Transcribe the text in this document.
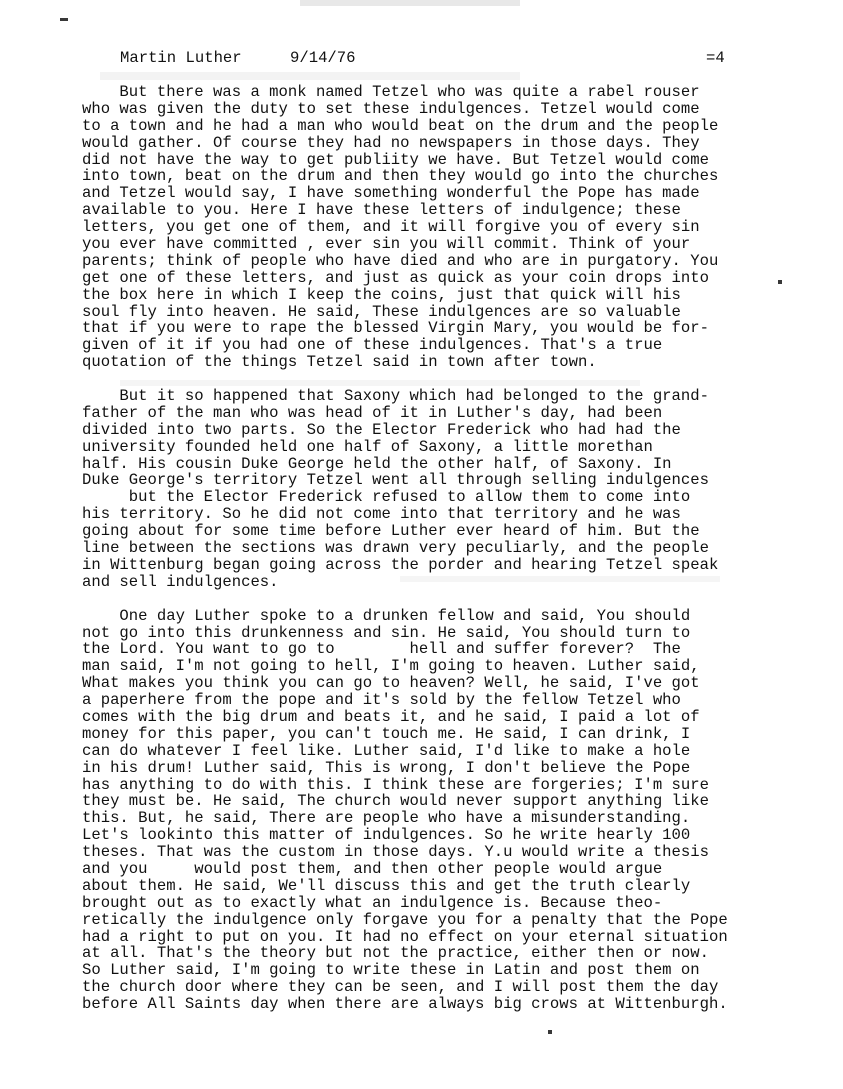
Martin Luther	9/14/76	=4
But there was a monk named Tetzel who was quite a rabel rouser
who was given the duty to set these indulgences. Tetzel would come
to a town and he had a man who would beat on the drum and the people
would gather. Of course they had no newspapers in those days. They
did not have the way to get publiity we have. But Tetzel would come
into town, beat on the drum and then they would go into the churches
and Tetzel would say, I have something wonderful the Pope has made
available to you. Here I have these letters of indulgence; these
letters, you get one of them, and it will forgive you of every sin
you ever have committed , ever sin you will commit. Think of your
parents; think of people who have died and who are in purgatory. You
get one of these letters, and just as quick as your coin drops into
the box here in which I keep the coins, just that quick will his
soul fly into heaven. He said, These indulgences are so valuable
that if you were to rape the blessed Virgin Mary, you would be for-
given of it if you had one of these indulgences. That's a true
quotation of the things Tetzel said in town after town.
But it so happened that Saxony which had belonged to the grand-
father of the man who was head of it in Luther's day, had been
divided into two parts. So the Elector Frederick who had had the
university founded held one half of Saxony, a little morethan
half. His cousin Duke George held the other half, of Saxony. In
Duke George's territory Tetzel went all through selling indulgences
but the Elector Frederick refused to allow them to come into
his territory. So he did not come into that territory and he was
going about for some time before Luther ever heard of him. But the
line between the sections was drawn very peculiarly, and the people
in Wittenburg began going across the porder and hearing Tetzel speak
and sell indulgences.
One day Luther spoke to a drunken fellow and said, You should
not go into this drunkenness and sin. He said, You should turn to
the Lord. You want to go to        hell and suffer forever?  The
man said, I'm not going to hell, I'm going to heaven. Luther said,
What makes you think you can go to heaven? Well, he said, I've got
a paperhere from the pope and it's sold by the fellow Tetzel who
comes with the big drum and beats it, and he said, I paid a lot of
money for this paper, you can't touch me. He said, I can drink, I
can do whatever I feel like. Luther said, I'd like to make a hole
in his drum! Luther said, This is wrong, I don't believe the Pope
has anything to do with this. I think these are forgeries; I'm sure
they must be. He said, The church would never support anything like
this. But, he said, There are people who have a misunderstanding.
Let's lookinto this matter of indulgences. So he write hearly 100
theses. That was the custom in those days. Y.u would write a thesis
and you     would post them, and then other people would argue
about them. He said, We'll discuss this and get the truth clearly
brought out as to exactly what an indulgence is. Because theo-
retically the indulgence only forgave you for a penalty that the Pope
had a right to put on you. It had no effect on your eternal situation
at all. That's the theory but not the practice, either then or now.
So Luther said, I'm going to write these in Latin and post them on
the church door where they can be seen, and I will post them the day
before All Saints day when there are always big crows at Wittenburgh.
